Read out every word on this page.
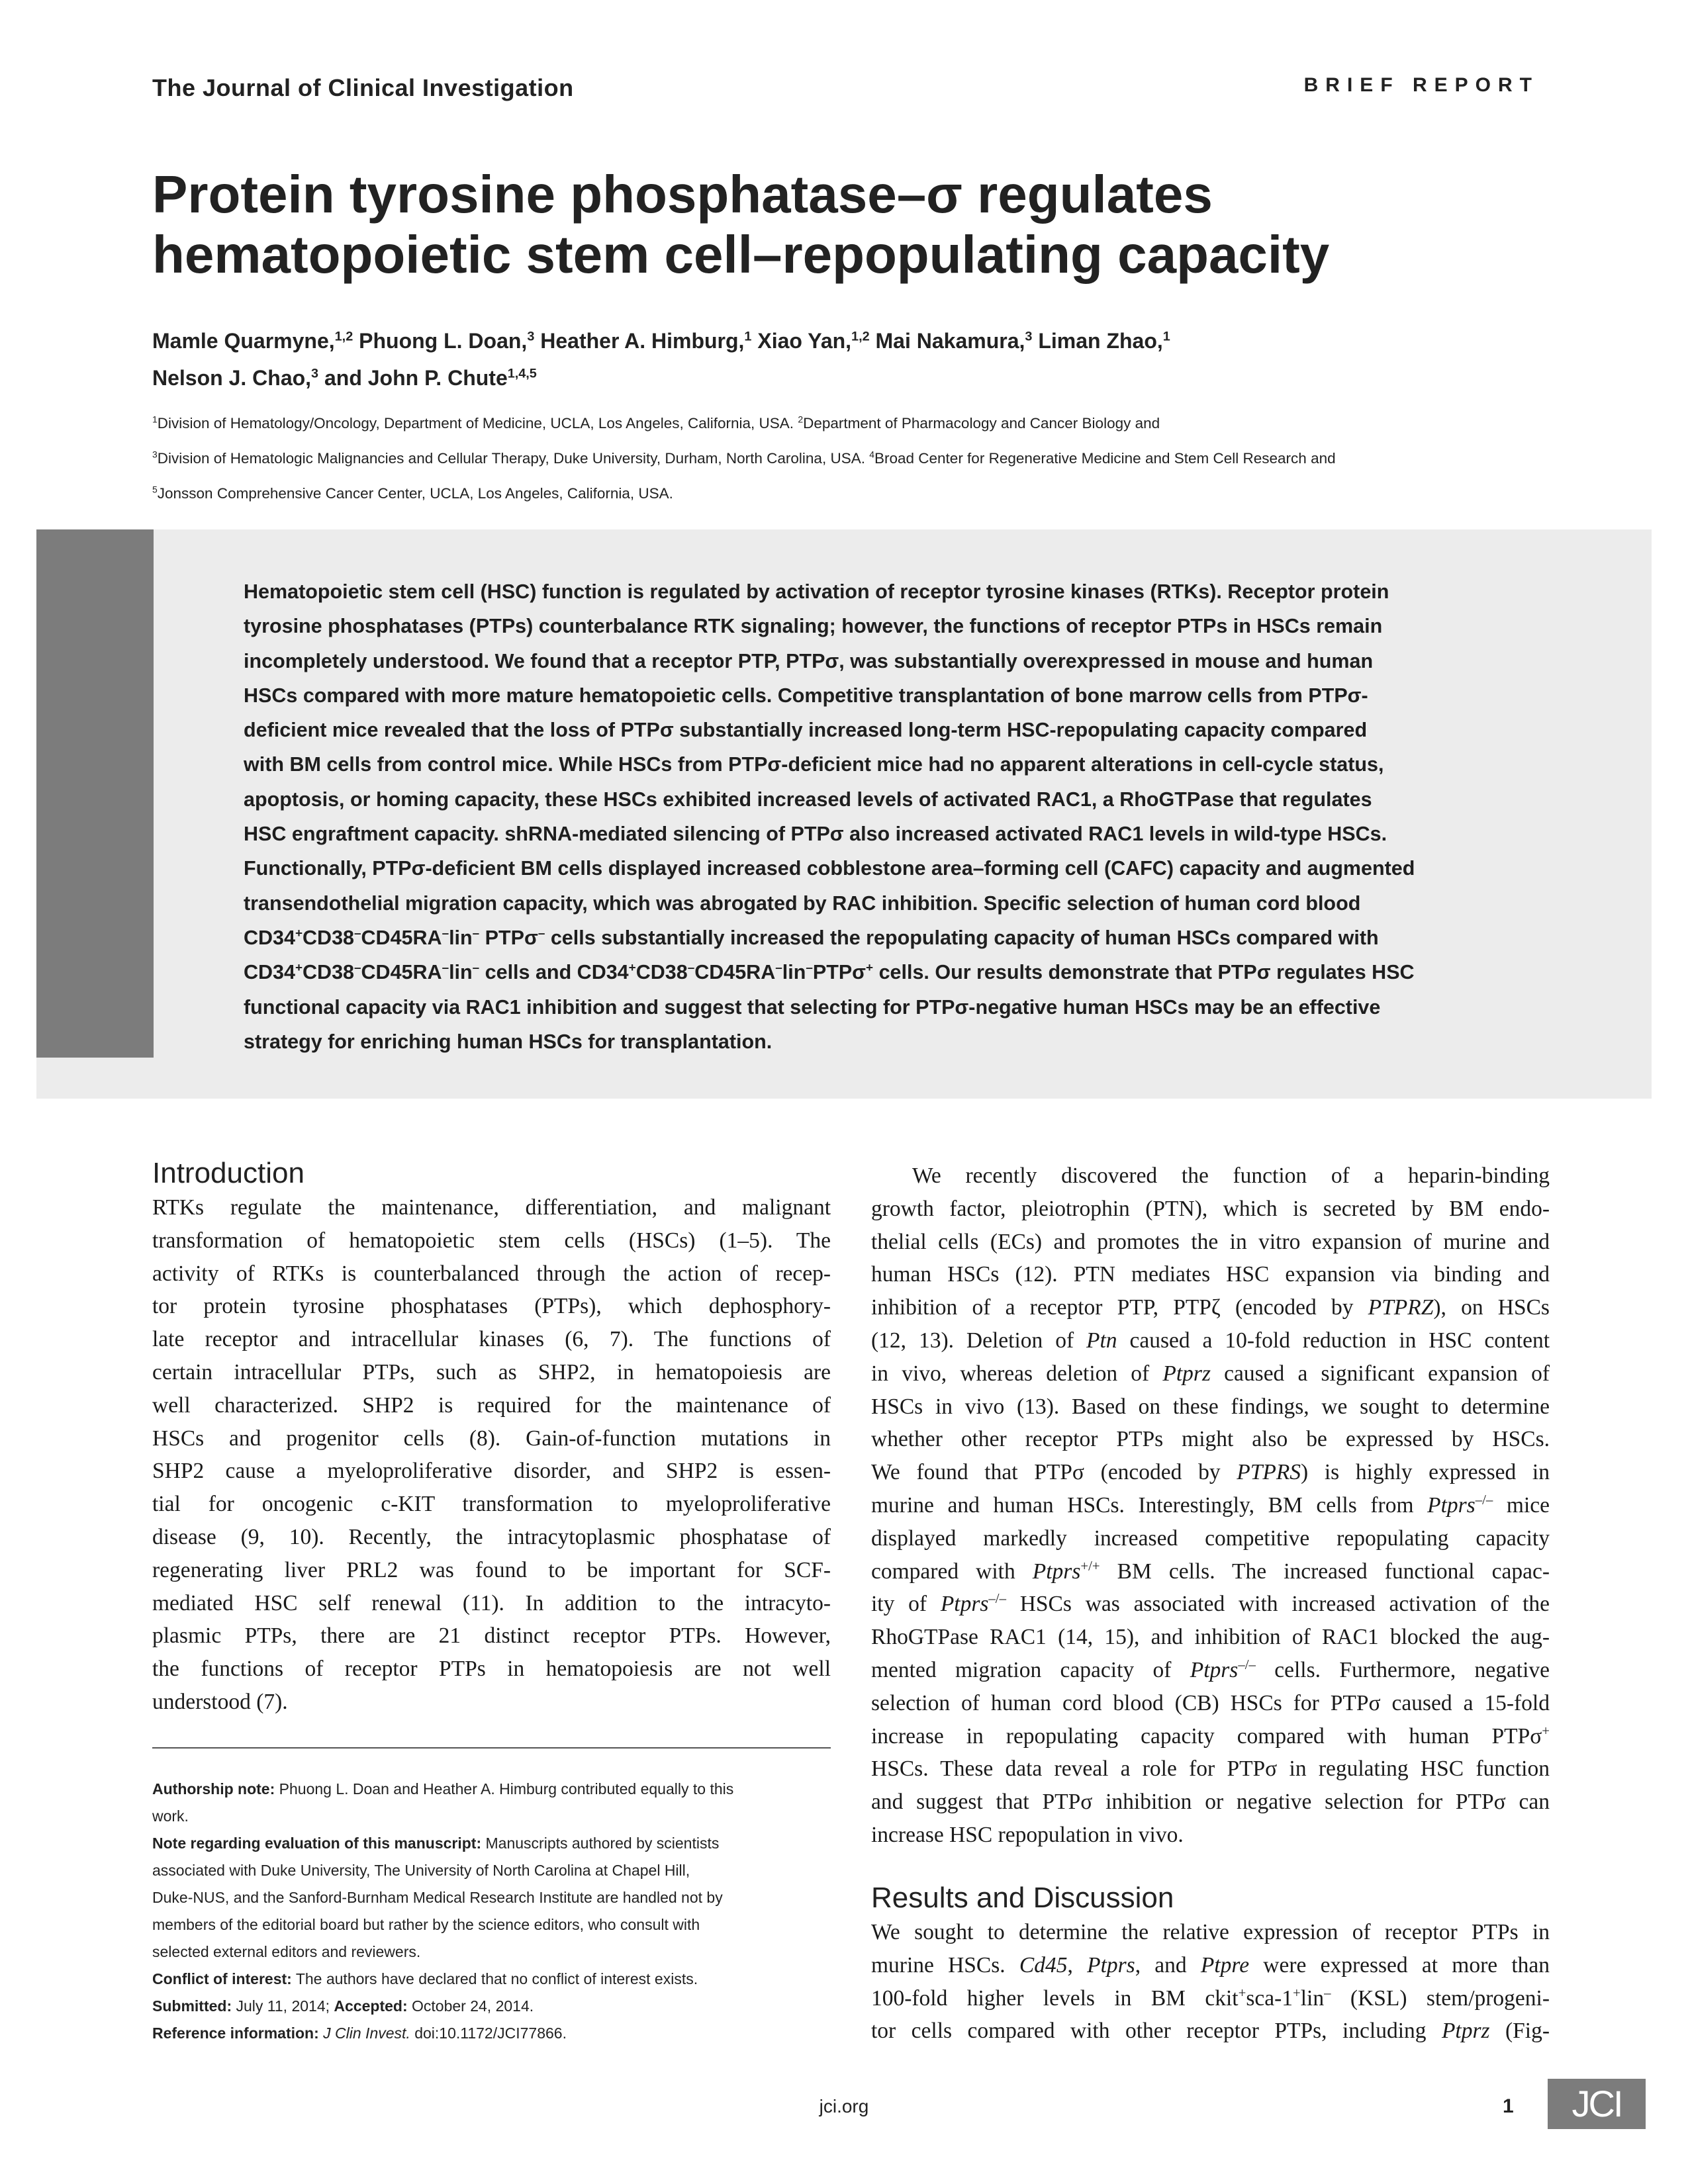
The Journal of Clinical Investigation	BRIEF REPORT
Protein tyrosine phosphatase–σ regulates
hematopoietic stem cell–repopulating capacity
Mamle Quarmyne,$^{1,2}$ Phuong L. Doan,$^3$ Heather A. Himburg,$^1$ Xiao Yan,$^{1,2}$ Mai Nakamura,$^3$ Liman Zhao,$^1$
Nelson J. Chao,$^3$ and John P. Chute$^{1,4,5}$
$^1$Division of Hematology/Oncology, Department of Medicine, UCLA, Los Angeles, California, USA. $^2$Department of Pharmacology and Cancer Biology and
$^3$Division of Hematologic Malignancies and Cellular Therapy, Duke University, Durham, North Carolina, USA. $^4$Broad Center for Regenerative Medicine and Stem Cell Research and
$^5$Jonsson Comprehensive Cancer Center, UCLA, Los Angeles, California, USA.
Hematopoietic stem cell (HSC) function is regulated by activation of receptor tyrosine kinases (RTKs). Receptor protein
tyrosine phosphatases (PTPs) counterbalance RTK signaling; however, the functions of receptor PTPs in HSCs remain
incompletely understood. We found that a receptor PTP, PTPσ, was substantially overexpressed in mouse and human
HSCs compared with more mature hematopoietic cells. Competitive transplantation of bone marrow cells from PTPσ-
deficient mice revealed that the loss of PTPσ substantially increased long-term HSC-repopulating capacity compared
with BM cells from control mice. While HSCs from PTPσ-deficient mice had no apparent alterations in cell-cycle status,
apoptosis, or homing capacity, these HSCs exhibited increased levels of activated RAC1, a RhoGTPase that regulates
HSC engraftment capacity. shRNA-mediated silencing of PTPσ also increased activated RAC1 levels in wild-type HSCs.
Functionally, PTPσ-deficient BM cells displayed increased cobblestone area–forming cell (CAFC) capacity and augmented
transendothelial migration capacity, which was abrogated by RAC inhibition. Specific selection of human cord blood
CD34+CD38–CD45RA–lin– PTPσ– cells substantially increased the repopulating capacity of human HSCs compared with
CD34+CD38–CD45RA–lin– cells and CD34+CD38–CD45RA–lin–PTPσ+ cells. Our results demonstrate that PTPσ regulates HSC
functional capacity via RAC1 inhibition and suggest that selecting for PTPσ-negative human HSCs may be an effective
strategy for enriching human HSCs for transplantation.
Introduction
RTKs regulate the maintenance, differentiation, and malignant
transformation of hematopoietic stem cells (HSCs) (1–5). The
activity of RTKs is counterbalanced through the action of recep-
tor protein tyrosine phosphatases (PTPs), which dephosphory-
late receptor and intracellular kinases (6, 7). The functions of
certain intracellular PTPs, such as SHP2, in hematopoiesis are
well characterized. SHP2 is required for the maintenance of
HSCs and progenitor cells (8). Gain-of-function mutations in
SHP2 cause a myeloproliferative disorder, and SHP2 is essen-
tial for oncogenic c-KIT transformation to myeloproliferative
disease (9, 10). Recently, the intracytoplasmic phosphatase of
regenerating liver PRL2 was found to be important for SCF-
mediated HSC self renewal (11). In addition to the intracyto-
plasmic PTPs, there are 21 distinct receptor PTPs. However,
the functions of receptor PTPs in hematopoiesis are not well
understood (7).
Authorship note: Phuong L. Doan and Heather A. Himburg contributed equally to this
work.
Note regarding evaluation of this manuscript: Manuscripts authored by scientists
associated with Duke University, The University of North Carolina at Chapel Hill,
Duke-NUS, and the Sanford-Burnham Medical Research Institute are handled not by
members of the editorial board but rather by the science editors, who consult with
selected external editors and reviewers.
Conflict of interest: The authors have declared that no conflict of interest exists.
Submitted: July 11, 2014; Accepted: October 24, 2014.
Reference information: J Clin Invest. doi:10.1172/JCI77866.
We recently discovered the function of a heparin-binding
growth factor, pleiotrophin (PTN), which is secreted by BM endo-
thelial cells (ECs) and promotes the in vitro expansion of murine and
human HSCs (12). PTN mediates HSC expansion via binding and
inhibition of a receptor PTP, PTPζ (encoded by PTPRZ), on HSCs
(12, 13). Deletion of Ptn caused a 10-fold reduction in HSC content
in vivo, whereas deletion of Ptprz caused a significant expansion of
HSCs in vivo (13). Based on these findings, we sought to determine
whether other receptor PTPs might also be expressed by HSCs.
We found that PTPσ (encoded by PTPRS) is highly expressed in
murine and human HSCs. Interestingly, BM cells from Ptprs–/– mice
displayed markedly increased competitive repopulating capacity
compared with Ptprs+/+ BM cells. The increased functional capac-
ity of Ptprs–/– HSCs was associated with increased activation of the
RhoGTPase RAC1 (14, 15), and inhibition of RAC1 blocked the aug-
mented migration capacity of Ptprs–/– cells. Furthermore, negative
selection of human cord blood (CB) HSCs for PTPσ caused a 15-fold
increase in repopulating capacity compared with human PTPσ+
HSCs. These data reveal a role for PTPσ in regulating HSC function
and suggest that PTPσ inhibition or negative selection for PTPσ can
increase HSC repopulation in vivo.
Results and Discussion
We sought to determine the relative expression of receptor PTPs in
murine HSCs. Cd45, Ptprs, and Ptpre were expressed at more than
100-fold higher levels in BM ckit+sca-1+lin– (KSL) stem/progeni-
tor cells compared with other receptor PTPs, including Ptprz (Fig-
jci.org	1	JCI
